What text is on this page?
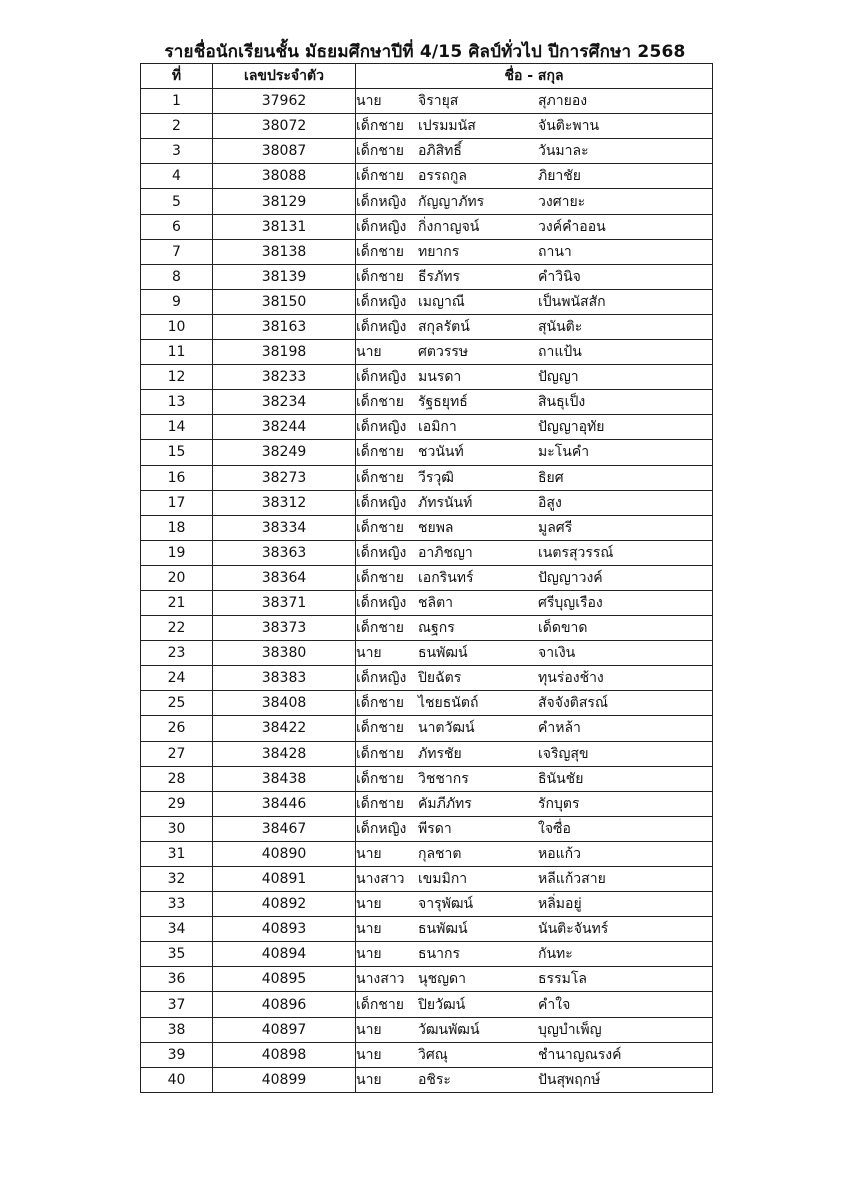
รายชื่อนักเรียนชั้น มัธยมศึกษาปีที่ 4/15 ศิลป์ทั่วไป ปีการศึกษา 2568
ที่	เลขประจำตัว	ชื่อ - สกุล
1	37962	นาย จิรายุส สุภายอง
2	38072	เด็กชาย เปรมมนัส จันติะพาน
3	38087	เด็กชาย อภิสิทธิ์ วันมาละ
4	38088	เด็กชาย อรรถกูล ภิยาชัย
5	38129	เด็กหญิง กัญญาภัทร วงศายะ
6	38131	เด็กหญิง กิ่งกาญจน์ วงค์คำออน
7	38138	เด็กชาย ทยากร ถานา
8	38139	เด็กชาย ธีรภัทร คำวินิจ
9	38150	เด็กหญิง เมญาณี เป็นพนัสสัก
10	38163	เด็กหญิง สกุลรัตน์ สุนันติะ
11	38198	นาย ศตวรรษ ถาแป้น
12	38233	เด็กหญิง มนรดา ปัญญา
13	38234	เด็กชาย รัฐธยุทธ์ สินธุเป็ง
14	38244	เด็กหญิง เอมิกา ปัญญาอุทัย
15	38249	เด็กชาย ชวนันท์ มะโนคำ
16	38273	เด็กชาย วีรวุฒิ ธิยศ
17	38312	เด็กหญิง ภัทรนันท์ อิสูง
18	38334	เด็กชาย ชยพล มูลศรี
19	38363	เด็กหญิง อาภิชญา เนตรสุวรรณ์
20	38364	เด็กชาย เอกรินทร์ ปัญญาวงค์
21	38371	เด็กหญิง ชลิตา ศรีบุญเรือง
22	38373	เด็กชาย ณฐกร เด็ดขาด
23	38380	นาย ธนพัฒน์ จาเงิน
24	38383	เด็กหญิง ปิยฉัตร ทุนร่องช้าง
25	38408	เด็กชาย ไชยธนัตถ์ สัจจังติสรณ์
26	38422	เด็กชาย นาตวัฒน์ คำหล้า
27	38428	เด็กชาย ภัทรชัย เจริญสุข
28	38438	เด็กชาย วิชชากร ธินันชัย
29	38446	เด็กชาย คัมภีภัทร รักบุตร
30	38467	เด็กหญิง พีรดา ใจซื่อ
31	40890	นาย กุลชาต หอแก้ว
32	40891	นางสาว เขมมิกา หลีแก้วสาย
33	40892	นาย จารุพัฒน์ หลิ่มอยู่
34	40893	นาย ธนพัฒน์ นันติะจันทร์
35	40894	นาย ธนากร กันทะ
36	40895	นางสาว นุชญดา ธรรมโล
37	40896	เด็กชาย ปิยวัฒน์ คำใจ
38	40897	นาย วัฒนพัฒน์ บุญบำเพ็ญ
39	40898	นาย วิศณุ ชำนาญณรงค์
40	40899	นาย อชิระ ปันสุพฤกษ์
